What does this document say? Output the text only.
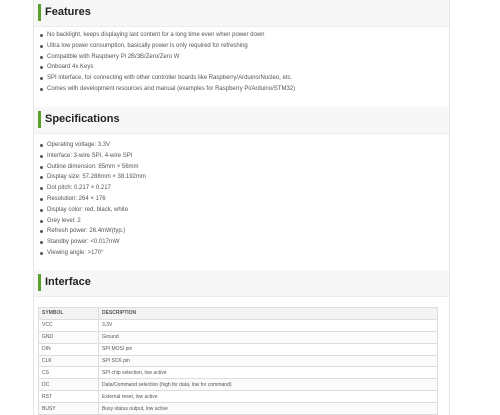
Features
No backlight, keeps displaying last content for a long time even when power down
Ultra low power consumption, basically power is only required for refreshing
Compatible with Raspberry Pi 2B/3B/Zero/Zero W
Onboard 4x Keys
SPI interface, for connecting with other controller boards like Raspberry/Arduino/Nucleo, etc.
Comes with development resources and manual (examples for Raspberry Pi/Arduino/STM32)
Specifications
Operating voltage: 3.3V
Interface: 3-wire SPI, 4-wire SPI
Outline dimension: 85mm × 56mm
Display size: 57.288mm × 38.192mm
Dot pitch: 0.217 × 0.217
Resolution: 264 × 176
Display color: red, black, white
Grey level: 2
Refresh power: 26.4mW(typ.)
Standby power: <0.017mW
Viewing angle: >170°
Interface
SYMBOL	DESCRIPTION
VCC	3.3V
GND	Ground
DIN	SPI MOSI pin
CLK	SPI SCK pin
CS	SPI chip selection, low active
DC	Data/Command selection (high for data, low for command)
RST	External reset, low active
BUSY	Busy status output, low active
